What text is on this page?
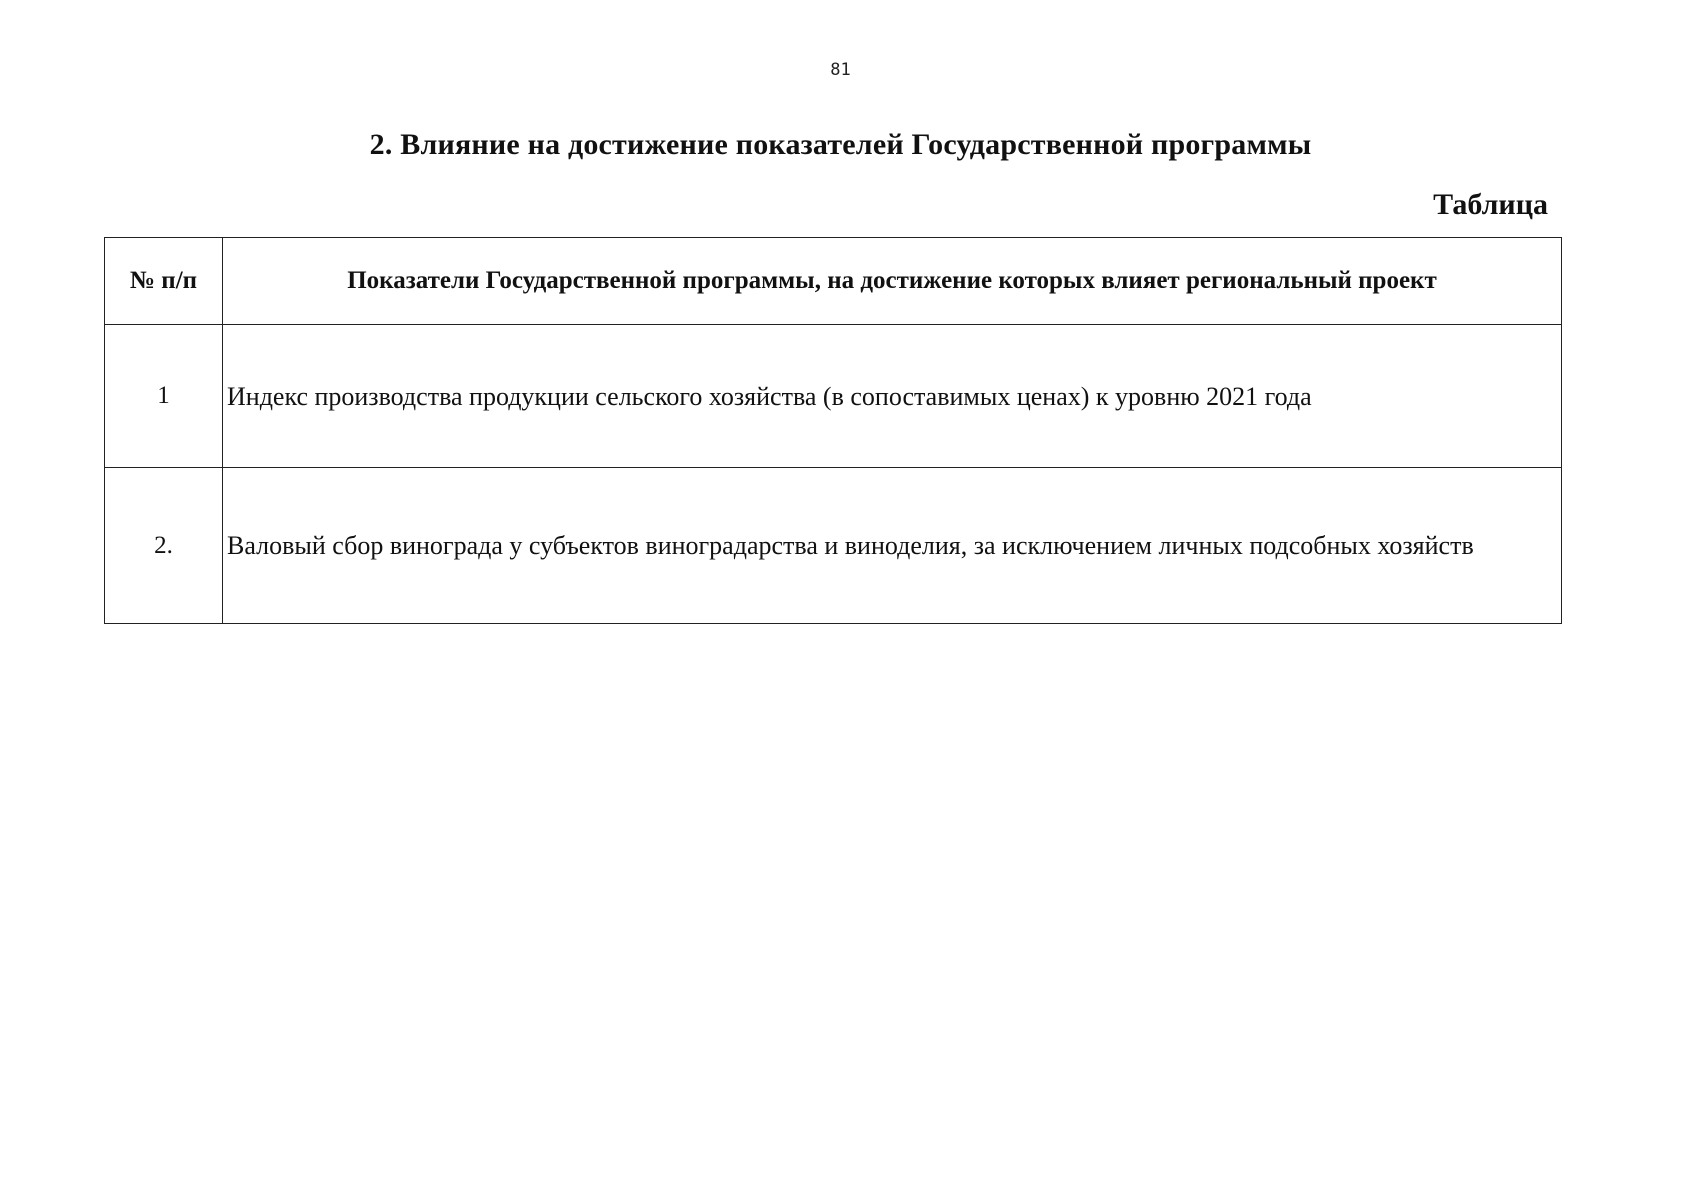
81
2. Влияние на достижение показателей Государственной программы
Таблица
№ п/п	Показатели Государственной программы, на достижение которых влияет региональный проект
1	Индекс производства продукции сельского хозяйства (в сопоставимых ценах) к уровню 2021 года
2.	Валовый сбор винограда у субъектов виноградарства и виноделия, за исключением личных подсобных хозяйств
